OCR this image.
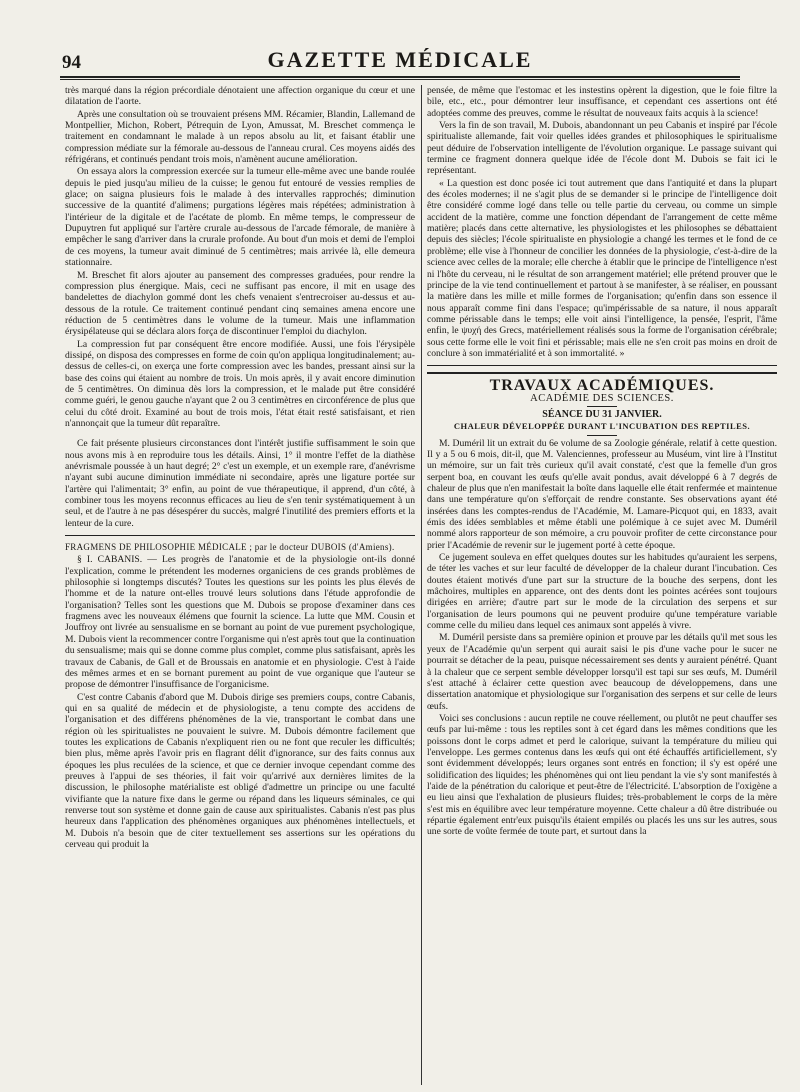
94	GAZETTE MÉDICALE

très marqué dans la région précordiale dénotaient une affection organique du cœur et une dilatation de l'aorte.

Après une consultation où se trouvaient présens MM. Récamier, Blandin, Lallemand de Montpellier, Michon, Robert, Pétrequin de Lyon, Amussat, M. Breschet commença le traitement en condamnant le malade à un repos absolu au lit, et faisant établir une compression médiate sur la fémorale au-dessous de l'anneau crural. Ces moyens aidés des réfrigérans, et continués pendant trois mois, n'amènent aucune amélioration.

On essaya alors la compression exercée sur la tumeur elle-même avec une bande roulée depuis le pied jusqu'au milieu de la cuisse; le genou fut entouré de vessies remplies de glace; on saigna plusieurs fois le malade à des intervalles rapprochés; diminution successive de la quantité d'alimens; purgations légères mais répétées; administration à l'intérieur de la digitale et de l'acétate de plomb. En même temps, le compresseur de Dupuytren fut appliqué sur l'artère crurale au-dessous de l'arcade fémorale, de manière à empêcher le sang d'arriver dans la crurale profonde. Au bout d'un mois et demi de l'emploi de ces moyens, la tumeur avait diminué de 5 centimètres; mais arrivée là, elle demeura stationnaire.

M. Breschet fit alors ajouter au pansement des compresses graduées, pour rendre la compression plus énergique. Mais, ceci ne suffisant pas encore, il mit en usage des bandelettes de diachylon gommé dont les chefs venaient s'entrecroiser au-dessus et au-dessous de la rotule. Ce traitement continué pendant cinq semaines amena encore une réduction de 5 centimètres dans le volume de la tumeur. Mais une inflammation érysipélateuse qui se déclara alors força de discontinuer l'emploi du diachylon.

La compression fut par conséquent être encore modifiée. Aussi, une fois l'érysipèle dissipé, on disposa des compresses en forme de coin qu'on appliqua longitudinalement; au-dessus de celles-ci, on exerça une forte compression avec les bandes, pressant ainsi sur la base des coins qui étaient au nombre de trois. Un mois après, il y avait encore diminution de 5 centimètres. On diminua dès lors la compression, et le malade put être considéré comme guéri, le genou gauche n'ayant que 2 ou 3 centimètres en circonférence de plus que celui du côté droit. Examiné au bout de trois mois, l'état était resté satisfaisant, et rien n'annonçait que la tumeur dût reparaître.

Ce fait présente plusieurs circonstances dont l'intérêt justifie suffisamment le soin que nous avons mis à en reproduire tous les détails. Ainsi, 1° il montre l'effet de la diathèse anévrismale poussée à un haut degré; 2° c'est un exemple, et un exemple rare, d'anévrisme n'ayant subi aucune diminution immédiate ni secondaire, après une ligature portée sur l'artère qui l'alimentait; 3° enfin, au point de vue thérapeutique, il apprend, d'un côté, à combiner tous les moyens reconnus efficaces au lieu de s'en tenir systématiquement à un seul, et de l'autre à ne pas désespérer du succès, malgré l'inutilité des premiers efforts et la lenteur de la cure.

FRAGMENS DE PHILOSOPHIE MÉDICALE ; par le docteur DUBOIS (d'Amiens).

§ I. CABANIS. — Les progrès de l'anatomie et de la physiologie ont-ils donné l'explication, comme le prétendent les modernes organiciens de ces grands problèmes de philosophie si longtemps discutés? Toutes les questions sur les points les plus élevés de l'homme et de la nature ont-elles trouvé leurs solutions dans l'étude approfondie de l'organisation? Telles sont les questions que M. Dubois se propose d'examiner dans ces fragmens avec les nouveaux élémens que fournit la science. La lutte que MM. Cousin et Jouffroy ont livrée au sensualisme en se bornant au point de vue purement psychologique, M. Dubois vient la recommencer contre l'organisme qui n'est après tout que la continuation du sensualisme; mais qui se donne comme plus complet, comme plus satisfaisant, après les travaux de Cabanis, de Gall et de Broussais en anatomie et en physiologie. C'est à l'aide des mêmes armes et en se bornant purement au point de vue organique que l'auteur se propose de démontrer l'insuffisance de l'organicisme.

C'est contre Cabanis d'abord que M. Dubois dirige ses premiers coups, contre Cabanis, qui en sa qualité de médecin et de physiologiste, a tenu compte des accidens de l'organisation et des différens phénomènes de la vie, transportant le combat dans une région où les spiritualistes ne pouvaient le suivre. M. Dubois démontre facilement que toutes les explications de Cabanis n'expliquent rien ou ne font que reculer les difficultés; bien plus, même après l'avoir pris en flagrant délit d'ignorance, sur des faits connus aux époques les plus reculées de la science, et que ce dernier invoque cependant comme des preuves à l'appui de ses théories, il fait voir qu'arrivé aux dernières limites de la discussion, le philosophe matérialiste est obligé d'admettre un principe ou une faculté vivifiante que la nature fixe dans le germe ou répand dans les liqueurs séminales, ce qui renverse tout son système et donne gain de cause aux spiritualistes. Cabanis n'est pas plus heureux dans l'application des phénomènes organiques aux phénomènes intellectuels, et M. Dubois n'a besoin que de citer textuellement ses assertions sur les opérations du cerveau qui produit la

pensée, de même que l'estomac et les instestins opèrent la digestion, que le foie filtre la bile, etc., etc., pour démontrer leur insuffisance, et cependant ces assertions ont été adoptées comme des preuves, comme le résultat de nouveaux faits acquis à la science!

Vers la fin de son travail, M. Dubois, abandonnant un peu Cabanis et inspiré par l'école spiritualiste allemande, fait voir quelles idées grandes et philosophiques le spiritualisme peut déduire de l'observation intelligente de l'évolution organique. Le passage suivant qui termine ce fragment donnera quelque idée de l'école dont M. Dubois se fait ici le représentant.

« La question est donc posée ici tout autrement que dans l'antiquité et dans la plupart des écoles modernes; il ne s'agit plus de se demander si le principe de l'intelligence doit être considéré comme logé dans telle ou telle partie du cerveau, ou comme un simple accident de la matière, comme une fonction dépendant de l'arrangement de cette même matière; placés dans cette alternative, les physiologistes et les philosophes se débattaient depuis des siècles; l'école spiritualiste en physiologie a changé les termes et le fond de ce problème; elle vise à l'honneur de concilier les données de la physiologie, c'est-à-dire de la science avec celles de la morale; elle cherche à établir que le principe de l'intelligence n'est ni l'hôte du cerveau, ni le résultat de son arrangement matériel; elle prétend prouver que le principe de la vie tend continuellement et partout à se manifester, à se réaliser, en poussant la matière dans les mille et mille formes de l'organisation; qu'enfin dans son essence il nous apparaît comme fini dans l'espace; qu'impérissable de sa nature, il nous apparaît comme périssable dans le temps; elle voit ainsi l'intelligence, la pensée, l'esprit, l'âme enfin, le ψυχή des Grecs, matériellement réalisés sous la forme de l'organisation cérébrale; sous cette forme elle le voit fini et périssable; mais elle ne s'en croit pas moins en droit de conclure à son immatérialité et à son immortalité. »

TRAVAUX ACADÉMIQUES.

ACADÉMIE DES SCIENCES.

SÉANCE DU 31 JANVIER.

CHALEUR DÉVELOPPÉE DURANT L'INCUBATION DES REPTILES.

M. Duméril lit un extrait du 6e volume de sa Zoologie générale, relatif à cette question. Il y a 5 ou 6 mois, dit-il, que M. Valenciennes, professeur au Muséum, vint lire à l'Institut un mémoire, sur un fait très curieux qu'il avait constaté, c'est que la femelle d'un gros serpent boa, en couvant les œufs qu'elle avait pondus, avait développé 6 à 7 degrés de chaleur de plus que n'en manifestait la boîte dans laquelle elle était renfermée et maintenue dans une température qu'on s'efforçait de rendre constante. Ses observations ayant été insérées dans les comptes-rendus de l'Académie, M. Lamare-Picquot qui, en 1833, avait émis des idées semblables et même établi une polémique à ce sujet avec M. Duméril nommé alors rapporteur de son mémoire, a cru pouvoir profiter de cette circonstance pour prier l'Académie de revenir sur le jugement porté à cette époque.

Ce jugement souleva en effet quelques doutes sur les habitudes qu'auraient les serpens, de téter les vaches et sur leur faculté de développer de la chaleur durant l'incubation. Ces doutes étaient motivés d'une part sur la structure de la bouche des serpens, dont les mâchoires, multiples en apparence, ont des dents dont les pointes acérées sont toujours dirigées en arrière; d'autre part sur le mode de la circulation des serpens et sur l'organisation de leurs poumons qui ne peuvent produire qu'une température variable comme celle du milieu dans lequel ces animaux sont appelés à vivre.

M. Duméril persiste dans sa première opinion et prouve par les détails qu'il met sous les yeux de l'Académie qu'un serpent qui aurait saisi le pis d'une vache pour le sucer ne pourrait se détacher de la peau, puisque nécessairement ses dents y auraient pénétré. Quant à la chaleur que ce serpent semble développer lorsqu'il est tapi sur ses œufs, M. Duméril s'est attaché à éclairer cette question avec beaucoup de développemens, dans une dissertation anatomique et physiologique sur l'organisation des serpens et sur celle de leurs œufs.

Voici ses conclusions : aucun reptile ne couve réellement, ou plutôt ne peut chauffer ses œufs par lui-même : tous les reptiles sont à cet égard dans les mêmes conditions que les poissons dont le corps admet et perd le calorique, suivant la température du milieu qui l'enveloppe. Les germes contenus dans les œufs qui ont été échauffés artificiellement, s'y sont évidemment développés; leurs organes sont entrés en fonction; il s'y est opéré une solidification des liquides; les phénomènes qui ont lieu pendant la vie s'y sont manifestés à l'aide de la pénétration du calorique et peut-être de l'électricité. L'absorption de l'oxigène a eu lieu ainsi que l'exhalation de plusieurs fluides; très-probablement le corps de la mère s'est mis en équilibre avec leur température moyenne. Cette chaleur a dû être distribuée ou répartie également entr'eux puisqu'ils étaient empilés ou placés les uns sur les autres, sous une sorte de voûte fermée de toute part, et surtout dans la
